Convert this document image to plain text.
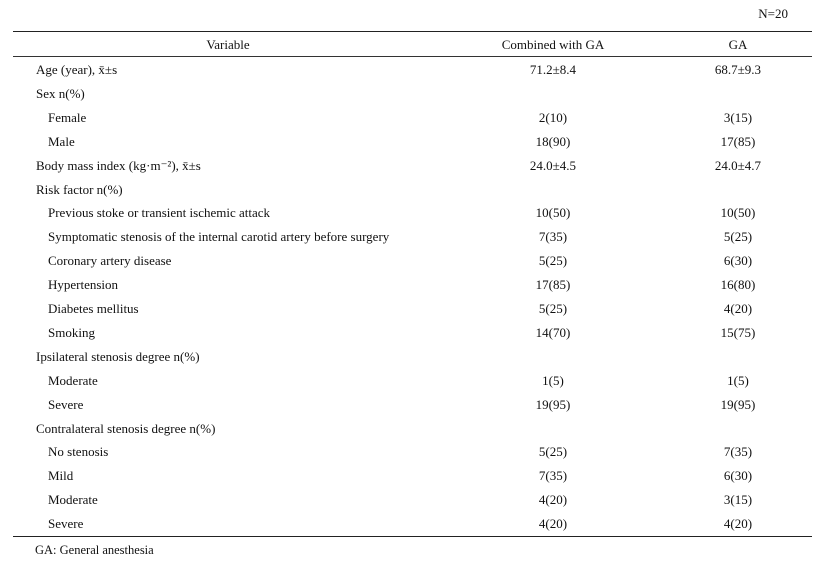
N=20
Variable	Combined with GA	GA
Age (year), x̄±s	71.2±8.4	68.7±9.3
Sex n(%)
Female	2(10)	3(15)
Male	18(90)	17(85)
Body mass index (kg·m⁻²), x̄±s	24.0±4.5	24.0±4.7
Risk factor n(%)
Previous stoke or transient ischemic attack	10(50)	10(50)
Symptomatic stenosis of the internal carotid artery before surgery	7(35)	5(25)
Coronary artery disease	5(25)	6(30)
Hypertension	17(85)	16(80)
Diabetes mellitus	5(25)	4(20)
Smoking	14(70)	15(75)
Ipsilateral stenosis degree n(%)
Moderate	1(5)	1(5)
Severe	19(95)	19(95)
Contralateral stenosis degree n(%)
No stenosis	5(25)	7(35)
Mild	7(35)	6(30)
Moderate	4(20)	3(15)
Severe	4(20)	4(20)
GA: General anesthesia
